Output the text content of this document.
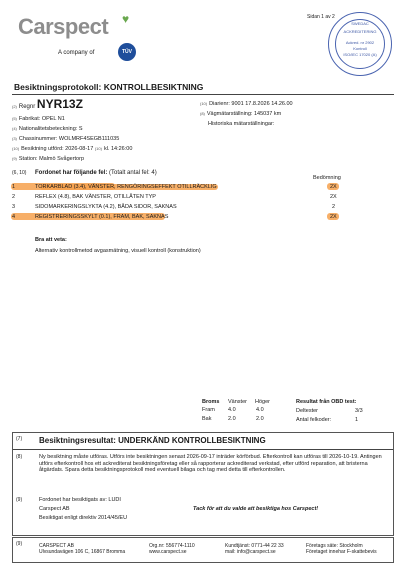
Carspect ♥
A company of	TÜV
Sidan 1 av 2
SWEDAC
ACKREDITERING
Ackred. nr 2902
Kontroll
ISO/IEC 17020 (A)
Besiktningsprotokoll: KONTROLLBESIKTNING
(2) Regnr NYR13Z
(5) Fabrikat: OPEL N1
(4) Nationalitetsbeteckning: S
(3) Chassinummer: WOLMRF4SEGB111035
(10) Besiktning utförd: 2026-08-17 (10) kl. 14:26:00
(9) Station: Malmö Svågertorp
(10) Diarienr: 9001 17.8.2026 14.26.00
(8) Vägmätarställning: 145037 km
Historiska mätarställningar:
(6, 10) Fordonet har följande fel: (Totalt antal fel: 4)
Bedömning
1	TORKARBLAD (3.4), VÄNSTER, RENGÖRINGSEFFEKT OTILLRÄCKLIG	2X
2	REFLEX (4.8), BAK VÄNSTER, OTILLÅTEN TYP	2X
3	SIDOMARKERINGSLYKTA (4.2), BÅDA SIDOR, SAKNAS	2
4	REGISTRERINGSSKYLT (0.1), FRAM, BAK, SAKNAS	2X
Bra att veta:
Alternativ kontrollmetod avgasmätning, visuell kontroll (konstruktion)
Broms Vänster Höger
Fram 4.0	4.0
Bak	2.0	2.0
Resultat från OBD test:
Deltester	3/3
Antal felkoder:	1
(7) Besiktningsresultat: UNDERKÄND KONTROLLBESIKTNING
(8)	Ny besiktning måste utföras. Utförs inte besiktningen senast 2026-09-17 inträder körförbud. Efterkontroll kan utföras till 2026-10-19. Antingen utförs efterkontroll hos ett ackrediterat besiktningsföretag eller så rapporterar ackrediterad verkstad, efter utförd reparation, att bristerna åtgärdats. Spara detta besiktningsprotokoll med eventuell bilaga och tag med detta till efterkontrollen.
(9)	Fordonet har besiktigats av: LUDI
Carspect AB
Besiktigat enligt direktiv 2014/45/EU
Tack för att du valde att besiktiga hos Carspect!
(9)	CARSPECT AB
Ulvsundavägen 106 C, 16867 Bromma
Org.nr: 556774-1110
www.carspect.se
Kundtjänst: 0771-44 22 33
mail: info@carspect.se
Företags säte: Stockholm
Företaget innehar F-skattebevis
